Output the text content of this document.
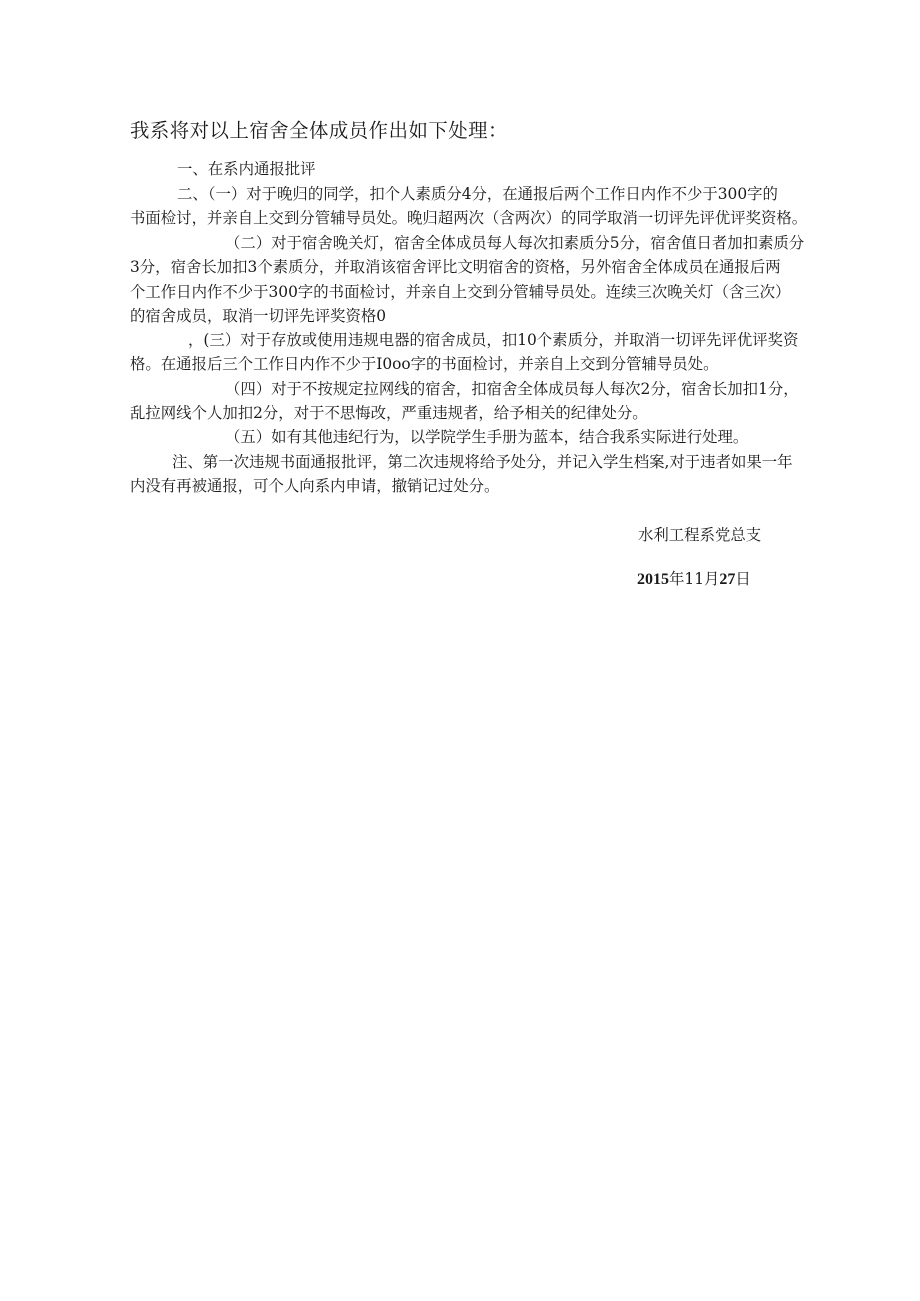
我系将对以上宿舍全体成员作出如下处理：
一、在系内通报批评
二、（一）对于晚归的同学，扣个人素质分4分，在通报后两个工作日内作不少于300字的
书面检讨，并亲自上交到分管辅导员处。晚归超两次（含两次）的同学取消一切评先评优评奖资格。
（二）对于宿舍晚关灯，宿舍全体成员每人每次扣素质分5分，宿舍值日者加扣素质分
3分，宿舍长加扣3个素质分，并取消该宿舍评比文明宿舍的资格，另外宿舍全体成员在通报后两
个工作日内作不少于300字的书面检讨，并亲自上交到分管辅导员处。连续三次晚关灯（含三次）
的宿舍成员，取消一切评先评奖资格0
，(三）对于存放或使用违规电器的宿舍成员，扣10个素质分，并取消一切评先评优评奖资
格。在通报后三个工作日内作不少于I0oo字的书面检讨，并亲自上交到分管辅导员处。
（四）对于不按规定拉网线的宿舍，扣宿舍全体成员每人每次2分，宿舍长加扣1分，
乱拉网线个人加扣2分，对于不思悔改，严重违规者，给予相关的纪律处分。
（五）如有其他违纪行为，以学院学生手册为蓝本，结合我系实际进行处理。
注、第一次违规书面通报批评，第二次违规将给予处分，并记入学生档案,对于违者如果一年
内没有再被通报，可个人向系内申请，撤销记过处分。
水利工程系党总支
2015年11月27日
